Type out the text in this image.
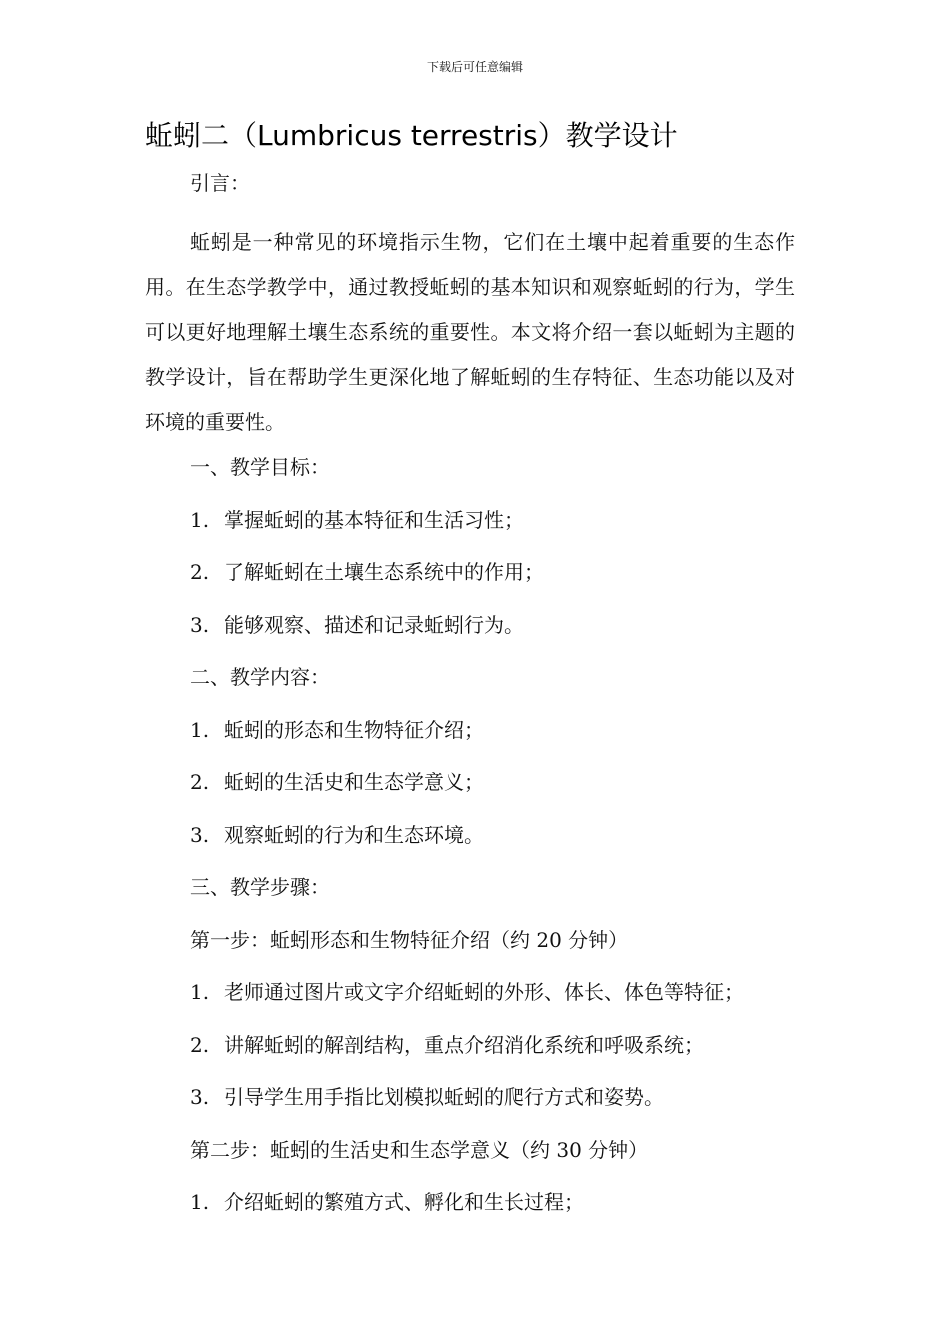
下载后可任意编辑
蚯蚓二（Lumbricus terrestris）教学设计

引言：

蚯蚓是一种常见的环境指示生物，它们在土壤中起着重要的生态作用。在生态学教学中，通过教授蚯蚓的基本知识和观察蚯蚓的行为，学生可以更好地理解土壤生态系统的重要性。本文将介绍一套以蚯蚓为主题的教学设计，旨在帮助学生更深化地了解蚯蚓的生存特征、生态功能以及对环境的重要性。

一、教学目标：

1. 掌握蚯蚓的基本特征和生活习性；

2. 了解蚯蚓在土壤生态系统中的作用；

3. 能够观察、描述和记录蚯蚓行为。

二、教学内容：

1. 蚯蚓的形态和生物特征介绍；

2. 蚯蚓的生活史和生态学意义；

3. 观察蚯蚓的行为和生态环境。

三、教学步骤：

第一步：蚯蚓形态和生物特征介绍（约 20 分钟）

1. 老师通过图片或文字介绍蚯蚓的外形、体长、体色等特征；

2. 讲解蚯蚓的解剖结构，重点介绍消化系统和呼吸系统；

3. 引导学生用手指比划模拟蚯蚓的爬行方式和姿势。

第二步：蚯蚓的生活史和生态学意义（约 30 分钟）

1. 介绍蚯蚓的繁殖方式、孵化和生长过程；
